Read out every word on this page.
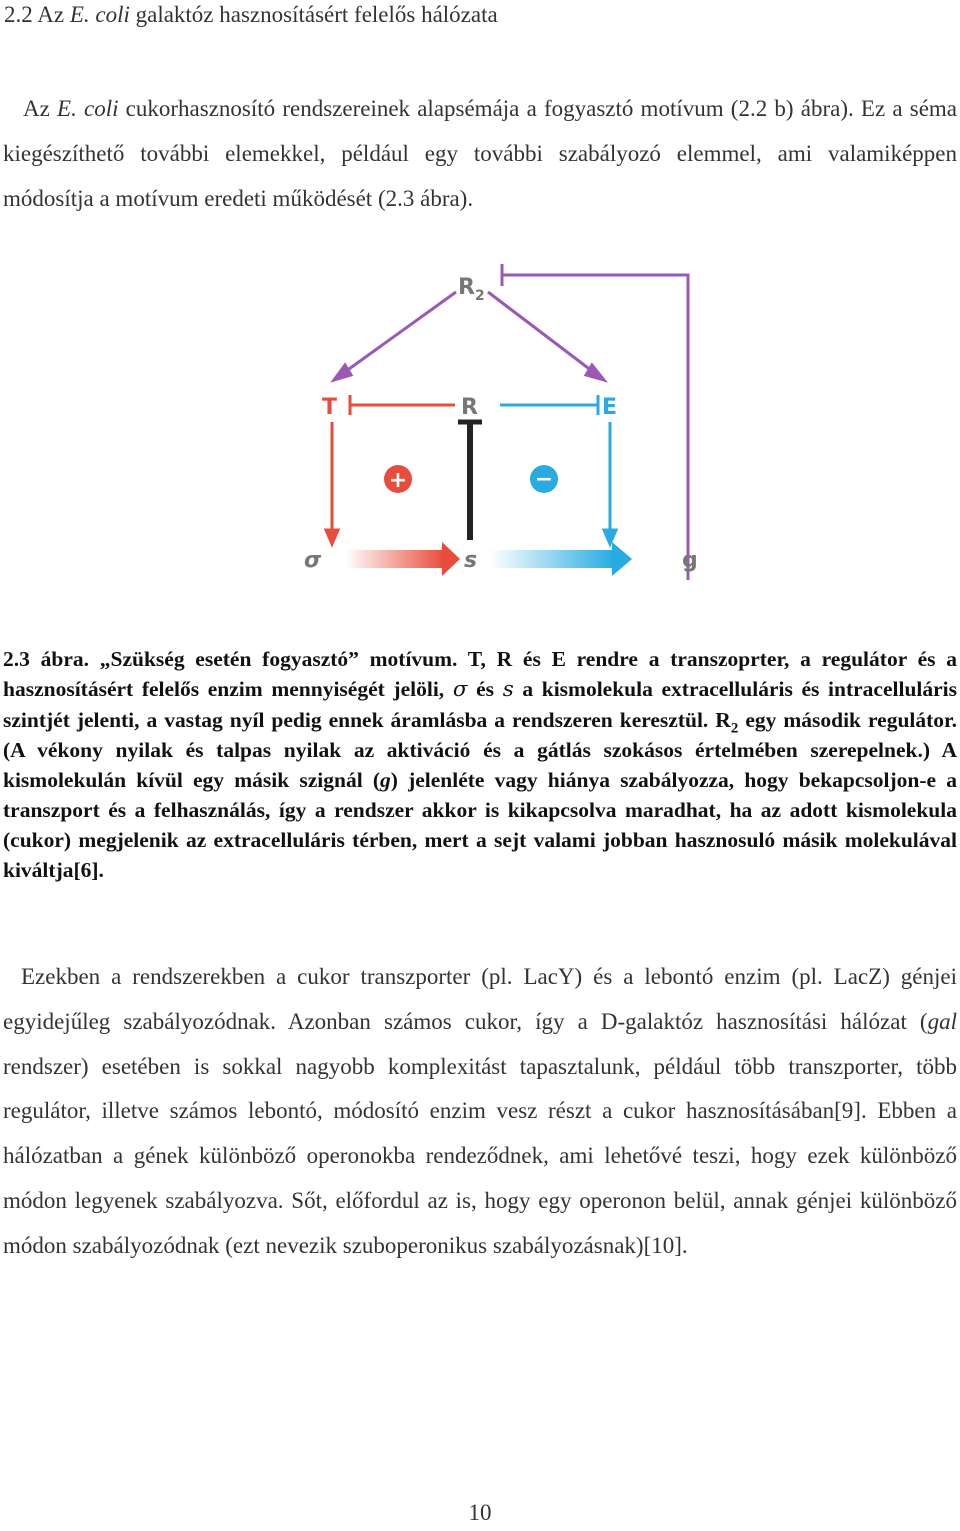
2.2 Az E. coli galaktóz hasznosításért felelős hálózata
Az E. coli cukorhasznosító rendszereinek alapsémája a fogyasztó motívum (2.2 b) ábra). Ez a séma kiegészíthető további elemekkel, például egy további szabályozó elemmel, ami valamiképpen módosítja a motívum eredeti működését (2.3 ábra).
$R_2$
T	R	E
+	−
σ	s	g
2.3 ábra. „Szükség esetén fogyasztó” motívum. T, R és E rendre a transzoprter, a regulátor és a hasznosításért felelős enzim mennyiségét jelöli, σ és s a kismolekula extracelluláris és intracelluláris szintjét jelenti, a vastag nyíl pedig ennek áramlásba a rendszeren keresztül. $R_2$ egy második regulátor. (A vékony nyilak és talpas nyilak az aktiváció és a gátlás szokásos értelmében szerepelnek.) A kismolekulán kívül egy másik szignál (g) jelenléte vagy hiánya szabályozza, hogy bekapcsoljon-e a transzport és a felhasználás, így a rendszer akkor is kikapcsolva maradhat, ha az adott kismolekula (cukor) megjelenik az extracelluláris térben, mert a sejt valami jobban hasznosuló másik molekulával kiváltja[6].
Ezekben a rendszerekben a cukor transzporter (pl. LacY) és a lebontó enzim (pl. LacZ) génjei egyidejűleg szabályozódnak. Azonban számos cukor, így a D-galaktóz hasznosítási hálózat (gal rendszer) esetében is sokkal nagyobb komplexitást tapasztalunk, például több transzporter, több regulátor, illetve számos lebontó, módosító enzim vesz részt a cukor hasznosításában[9]. Ebben a hálózatban a gének különböző operonokba rendeződnek, ami lehetővé teszi, hogy ezek különböző módon legyenek szabályozva. Sőt, előfordul az is, hogy egy operonon belül, annak génjei különböző módon szabályozódnak (ezt nevezik szuboperonikus szabályozásnak)[10].
10
